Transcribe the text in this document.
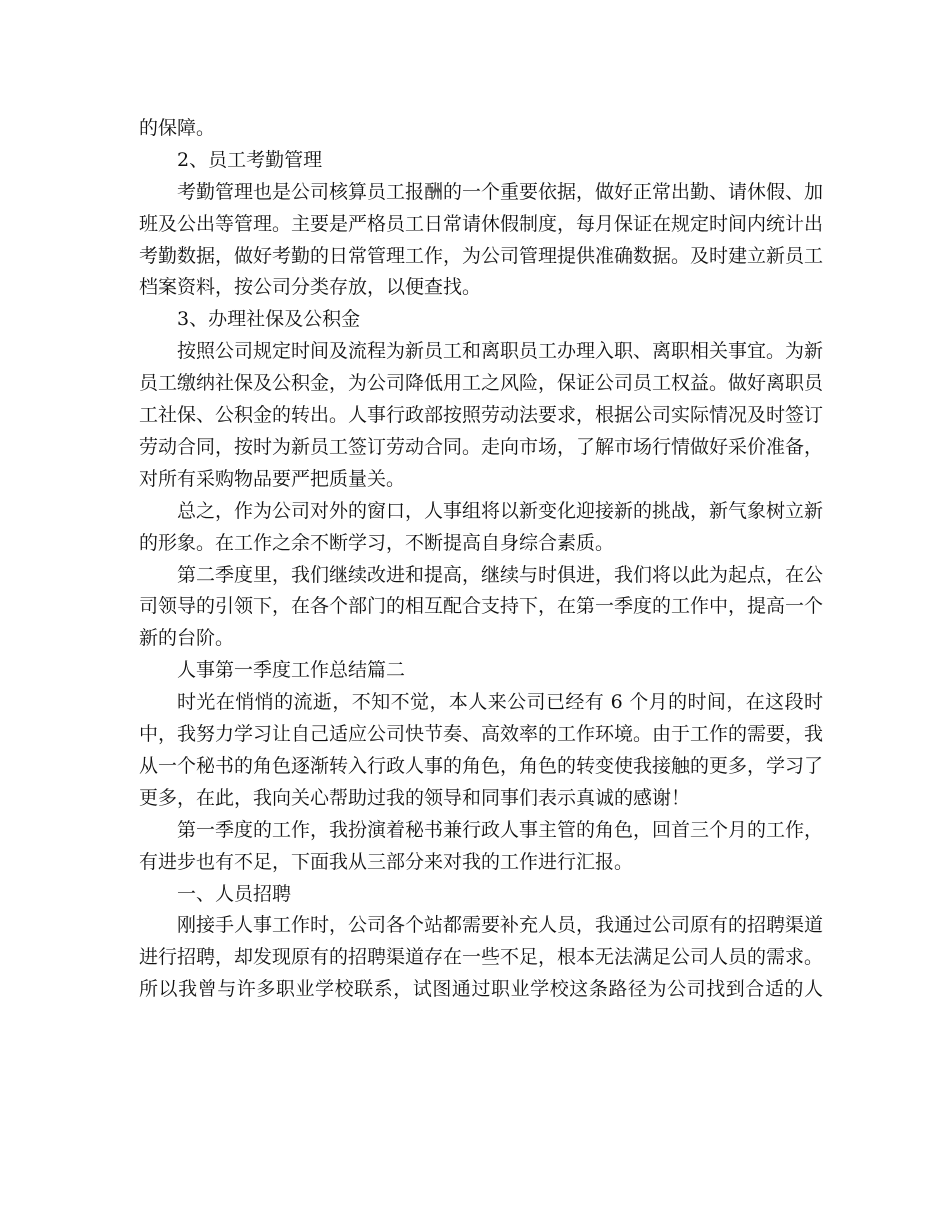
的保障。

2、员工考勤管理

考勤管理也是公司核算员工报酬的一个重要依据，做好正常出勤、请休假、加

班及公出等管理。主要是严格员工日常请休假制度，每月保证在规定时间内统计出

考勤数据，做好考勤的日常管理工作，为公司管理提供准确数据。及时建立新员工

档案资料，按公司分类存放，以便查找。

3、办理社保及公积金

按照公司规定时间及流程为新员工和离职员工办理入职、离职相关事宜。为新

员工缴纳社保及公积金，为公司降低用工之风险，保证公司员工权益。做好离职员

工社保、公积金的转出。人事行政部按照劳动法要求，根据公司实际情况及时签订

劳动合同，按时为新员工签订劳动合同。走向市场，了解市场行情做好采价准备，

对所有采购物品要严把质量关。

总之，作为公司对外的窗口，人事组将以新变化迎接新的挑战，新气象树立新

的形象。在工作之余不断学习，不断提高自身综合素质。

第二季度里，我们继续改进和提高，继续与时俱进，我们将以此为起点，在公

司领导的引领下，在各个部门的相互配合支持下，在第一季度的工作中，提高一个

新的台阶。

人事第一季度工作总结篇二

时光在悄悄的流逝，不知不觉，本人来公司已经有 6 个月的时间，在这段时

中，我努力学习让自己适应公司快节奏、高效率的工作环境。由于工作的需要，我

从一个秘书的角色逐渐转入行政人事的角色，角色的转变使我接触的更多，学习了

更多，在此，我向关心帮助过我的领导和同事们表示真诚的感谢！

第一季度的工作，我扮演着秘书兼行政人事主管的角色，回首三个月的工作，

有进步也有不足，下面我从三部分来对我的工作进行汇报。

一、人员招聘

刚接手人事工作时，公司各个站都需要补充人员，我通过公司原有的招聘渠道

进行招聘，却发现原有的招聘渠道存在一些不足，根本无法满足公司人员的需求。

所以我曾与许多职业学校联系，试图通过职业学校这条路径为公司找到合适的人
